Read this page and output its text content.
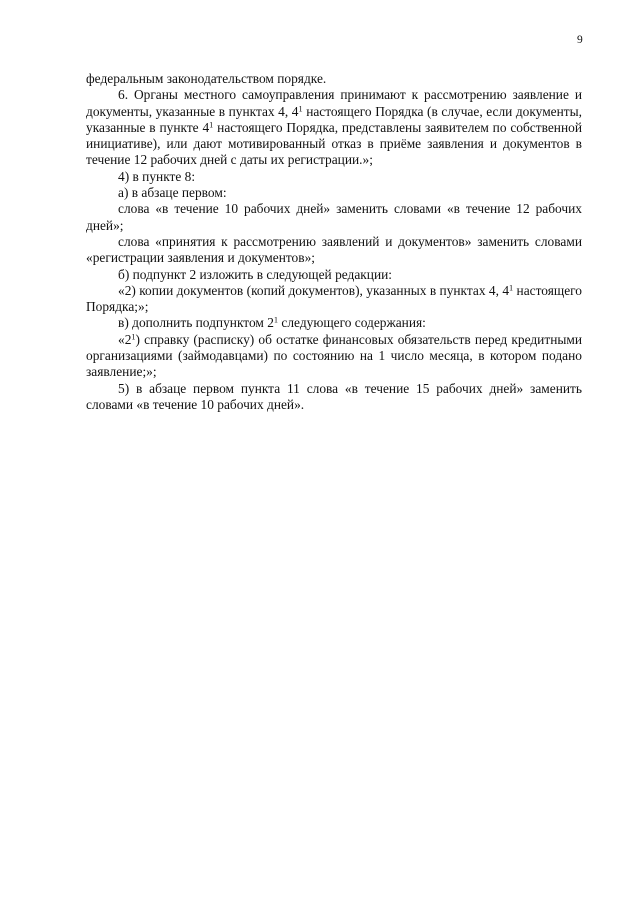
9

федеральным законодательством порядке.

6. Органы местного самоуправления принимают к рассмотрению заявление и документы, указанные в пунктах 4, $4^1$ настоящего Порядка (в случае, если документы, указанные в пункте $4^1$ настоящего Порядка, представлены заявителем по собственной инициативе), или дают мотивированный отказ в приёме заявления и документов в течение 12 рабочих дней с даты их регистрации.»;

4) в пункте 8:

а) в абзаце первом:

слова «в течение 10 рабочих дней» заменить словами «в течение 12 рабочих дней»;

слова «принятия к рассмотрению заявлений и документов» заменить словами «регистрации заявления и документов»;

б) подпункт 2 изложить в следующей редакции:

«2) копии документов (копий документов), указанных в пунктах 4, $4^1$ настоящего Порядка;»;

в) дополнить подпунктом $2^1$ следующего содержания:

«$2^1$) справку (расписку) об остатке финансовых обязательств перед кредитными организациями (займодавцами) по состоянию на 1 число месяца, в котором подано заявление;»;

5) в абзаце первом пункта 11 слова «в течение 15 рабочих дней» заменить словами «в течение 10 рабочих дней».
